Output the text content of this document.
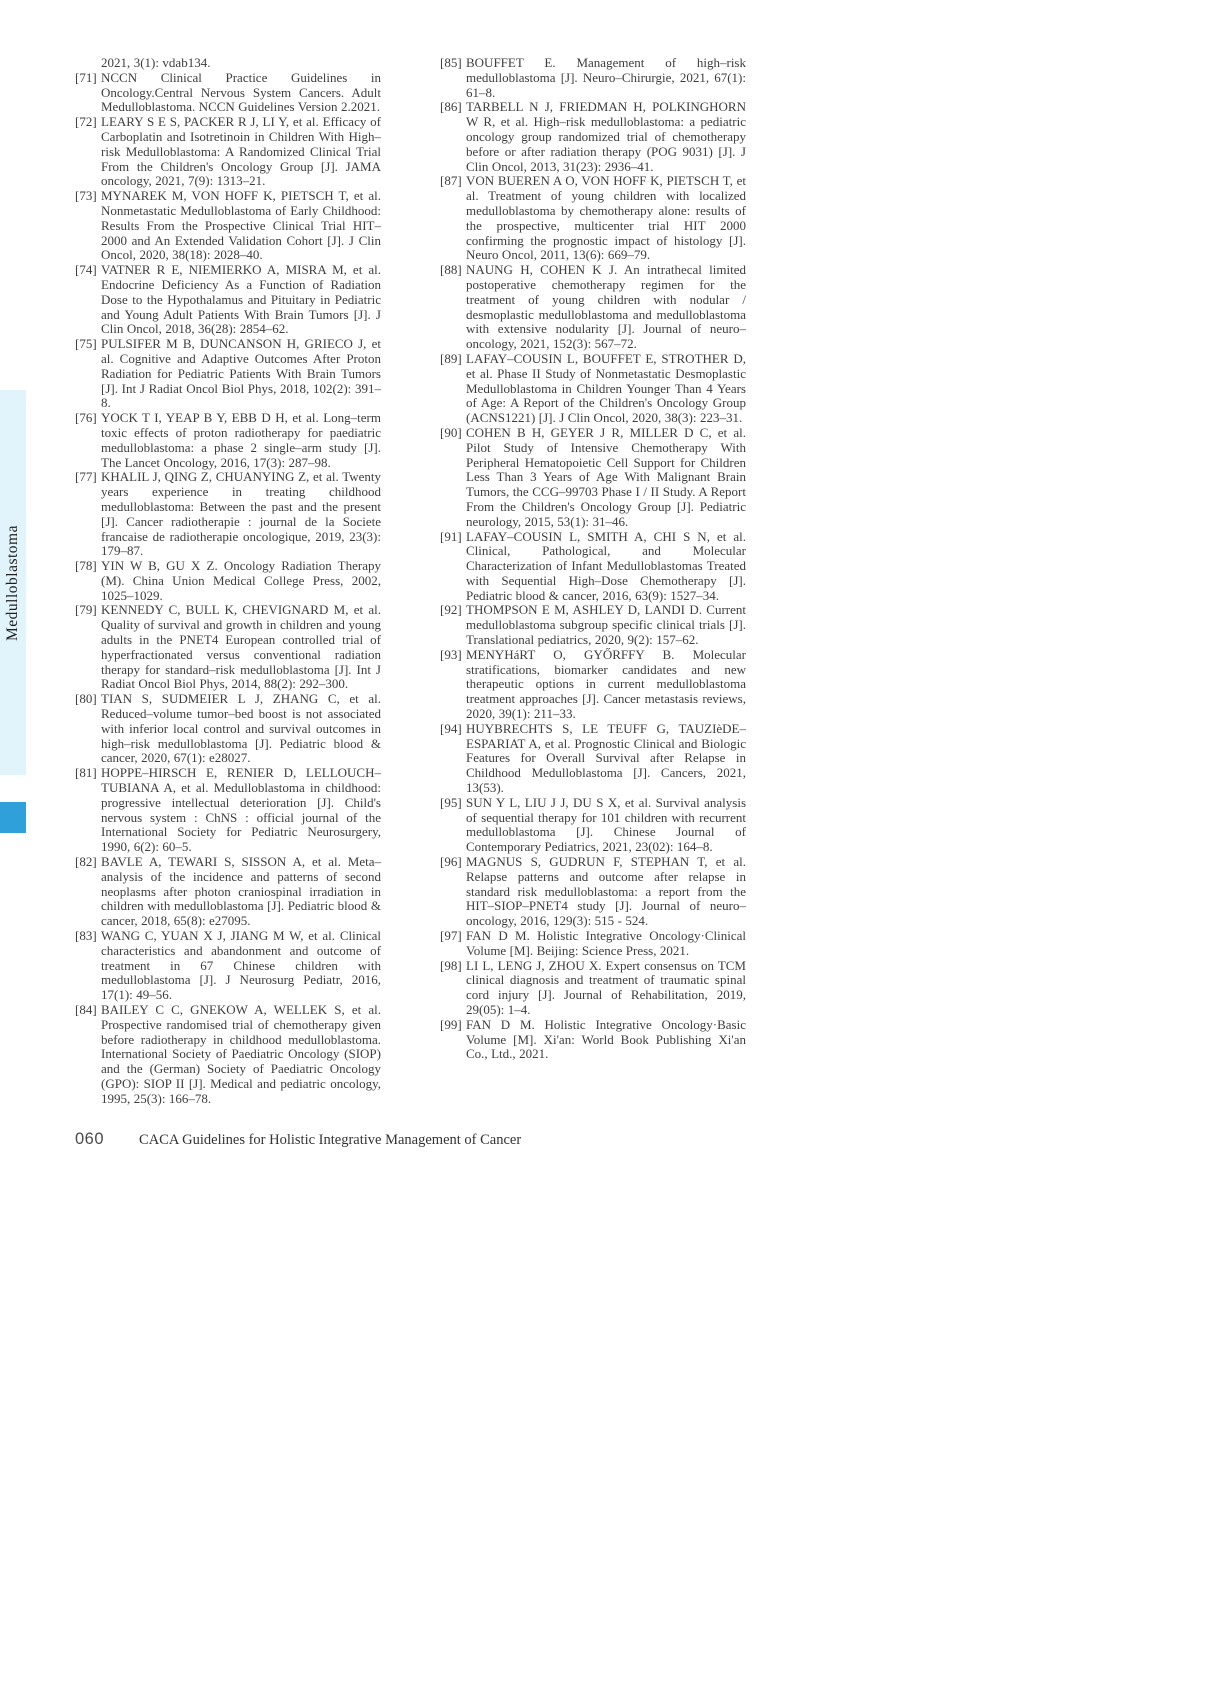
Medulloblastoma
2021, 3(1): vdab134.
[71] NCCN Clinical Practice Guidelines in Oncology.Central Nervous System Cancers. Adult Medulloblastoma. NCCN Guidelines Version 2.2021.
[72] LEARY S E S, PACKER R J, LI Y, et al. Efficacy of Carboplatin and Isotretinoin in Children With High–risk Medulloblastoma: A Randomized Clinical Trial From the Children's Oncology Group [J]. JAMA oncology, 2021, 7(9): 1313–21.
[73] MYNAREK M, VON HOFF K, PIETSCH T, et al. Nonmetastatic Medulloblastoma of Early Childhood: Results From the Prospective Clinical Trial HIT–2000 and An Extended Validation Cohort [J]. J Clin Oncol, 2020, 38(18): 2028–40.
[74] VATNER R E, NIEMIERKO A, MISRA M, et al. Endocrine Deficiency As a Function of Radiation Dose to the Hypothalamus and Pituitary in Pediatric and Young Adult Patients With Brain Tumors [J]. J Clin Oncol, 2018, 36(28): 2854–62.
[75] PULSIFER M B, DUNCANSON H, GRIECO J, et al. Cognitive and Adaptive Outcomes After Proton Radiation for Pediatric Patients With Brain Tumors [J]. Int J Radiat Oncol Biol Phys, 2018, 102(2): 391–8.
[76] YOCK T I, YEAP B Y, EBB D H, et al. Long–term toxic effects of proton radiotherapy for paediatric medulloblastoma: a phase 2 single–arm study [J]. The Lancet Oncology, 2016, 17(3): 287–98.
[77] KHALIL J, QING Z, CHUANYING Z, et al. Twenty years experience in treating childhood medulloblastoma: Between the past and the present [J]. Cancer radiotherapie : journal de la Societe francaise de radiotherapie oncologique, 2019, 23(3): 179–87.
[78] YIN W B, GU X Z. Oncology Radiation Therapy (M). China Union Medical College Press, 2002, 1025–1029.
[79] KENNEDY C, BULL K, CHEVIGNARD M, et al. Quality of survival and growth in children and young adults in the PNET4 European controlled trial of hyperfractionated versus conventional radiation therapy for standard–risk medulloblastoma [J]. Int J Radiat Oncol Biol Phys, 2014, 88(2): 292–300.
[80] TIAN S, SUDMEIER L J, ZHANG C, et al. Reduced–volume tumor–bed boost is not associated with inferior local control and survival outcomes in high–risk medulloblastoma [J]. Pediatric blood & cancer, 2020, 67(1): e28027.
[81] HOPPE–HIRSCH E, RENIER D, LELLOUCH–TUBIANA A, et al. Medulloblastoma in childhood: progressive intellectual deterioration [J]. Child's nervous system : ChNS : official journal of the International Society for Pediatric Neurosurgery, 1990, 6(2): 60–5.
[82] BAVLE A, TEWARI S, SISSON A, et al. Meta–analysis of the incidence and patterns of second neoplasms after photon craniospinal irradiation in children with medulloblastoma [J]. Pediatric blood & cancer, 2018, 65(8): e27095.
[83] WANG C, YUAN X J, JIANG M W, et al. Clinical characteristics and abandonment and outcome of treatment in 67 Chinese children with medulloblastoma [J]. J Neurosurg Pediatr, 2016, 17(1): 49–56.
[84] BAILEY C C, GNEKOW A, WELLEK S, et al. Prospective randomised trial of chemotherapy given before radiotherapy in childhood medulloblastoma. International Society of Paediatric Oncology (SIOP) and the (German) Society of Paediatric Oncology (GPO): SIOP II [J]. Medical and pediatric oncology, 1995, 25(3): 166–78.
[85] BOUFFET E. Management of high–risk medulloblastoma [J]. Neuro–Chirurgie, 2021, 67(1): 61–8.
[86] TARBELL N J, FRIEDMAN H, POLKINGHORN W R, et al. High–risk medulloblastoma: a pediatric oncology group randomized trial of chemotherapy before or after radiation therapy (POG 9031) [J]. J Clin Oncol, 2013, 31(23): 2936–41.
[87] VON BUEREN A O, VON HOFF K, PIETSCH T, et al. Treatment of young children with localized medulloblastoma by chemotherapy alone: results of the prospective, multicenter trial HIT 2000 confirming the prognostic impact of histology [J]. Neuro Oncol, 2011, 13(6): 669–79.
[88] NAUNG H, COHEN K J. An intrathecal limited postoperative chemotherapy regimen for the treatment of young children with nodular / desmoplastic medulloblastoma and medulloblastoma with extensive nodularity [J]. Journal of neuro–oncology, 2021, 152(3): 567–72.
[89] LAFAY–COUSIN L, BOUFFET E, STROTHER D, et al. Phase II Study of Nonmetastatic Desmoplastic Medulloblastoma in Children Younger Than 4 Years of Age: A Report of the Children's Oncology Group (ACNS1221) [J]. J Clin Oncol, 2020, 38(3): 223–31.
[90] COHEN B H, GEYER J R, MILLER D C, et al. Pilot Study of Intensive Chemotherapy With Peripheral Hematopoietic Cell Support for Children Less Than 3 Years of Age With Malignant Brain Tumors, the CCG–99703 Phase I / II Study. A Report From the Children's Oncology Group [J]. Pediatric neurology, 2015, 53(1): 31–46.
[91] LAFAY–COUSIN L, SMITH A, CHI S N, et al. Clinical, Pathological, and Molecular Characterization of Infant Medulloblastomas Treated with Sequential High–Dose Chemotherapy [J]. Pediatric blood & cancer, 2016, 63(9): 1527–34.
[92] THOMPSON E M, ASHLEY D, LANDI D. Current medulloblastoma subgroup specific clinical trials [J]. Translational pediatrics, 2020, 9(2): 157–62.
[93] MENYHáRT O, GYŐRFFY B. Molecular stratifications, biomarker candidates and new therapeutic options in current medulloblastoma treatment approaches [J]. Cancer metastasis reviews, 2020, 39(1): 211–33.
[94] HUYBRECHTS S, LE TEUFF G, TAUZIèDE–ESPARIAT A, et al. Prognostic Clinical and Biologic Features for Overall Survival after Relapse in Childhood Medulloblastoma [J]. Cancers, 2021, 13(53).
[95] SUN Y L, LIU J J, DU S X, et al. Survival analysis of sequential therapy for 101 children with recurrent medulloblastoma [J]. Chinese Journal of Contemporary Pediatrics, 2021, 23(02): 164–8.
[96] MAGNUS S, GUDRUN F, STEPHAN T, et al. Relapse patterns and outcome after relapse in standard risk medulloblastoma: a report from the HIT–SIOP–PNET4 study [J]. Journal of neuro–oncology, 2016, 129(3): 515 - 524.
[97] FAN D M. Holistic Integrative Oncology·Clinical Volume [M]. Beijing: Science Press, 2021.
[98] LI L, LENG J, ZHOU X. Expert consensus on TCM clinical diagnosis and treatment of traumatic spinal cord injury [J]. Journal of Rehabilitation, 2019, 29(05): 1–4.
[99] FAN D M. Holistic Integrative Oncology·Basic Volume [M]. Xi'an: World Book Publishing Xi'an Co., Ltd., 2021.
060 CACA Guidelines for Holistic Integrative Management of Cancer
